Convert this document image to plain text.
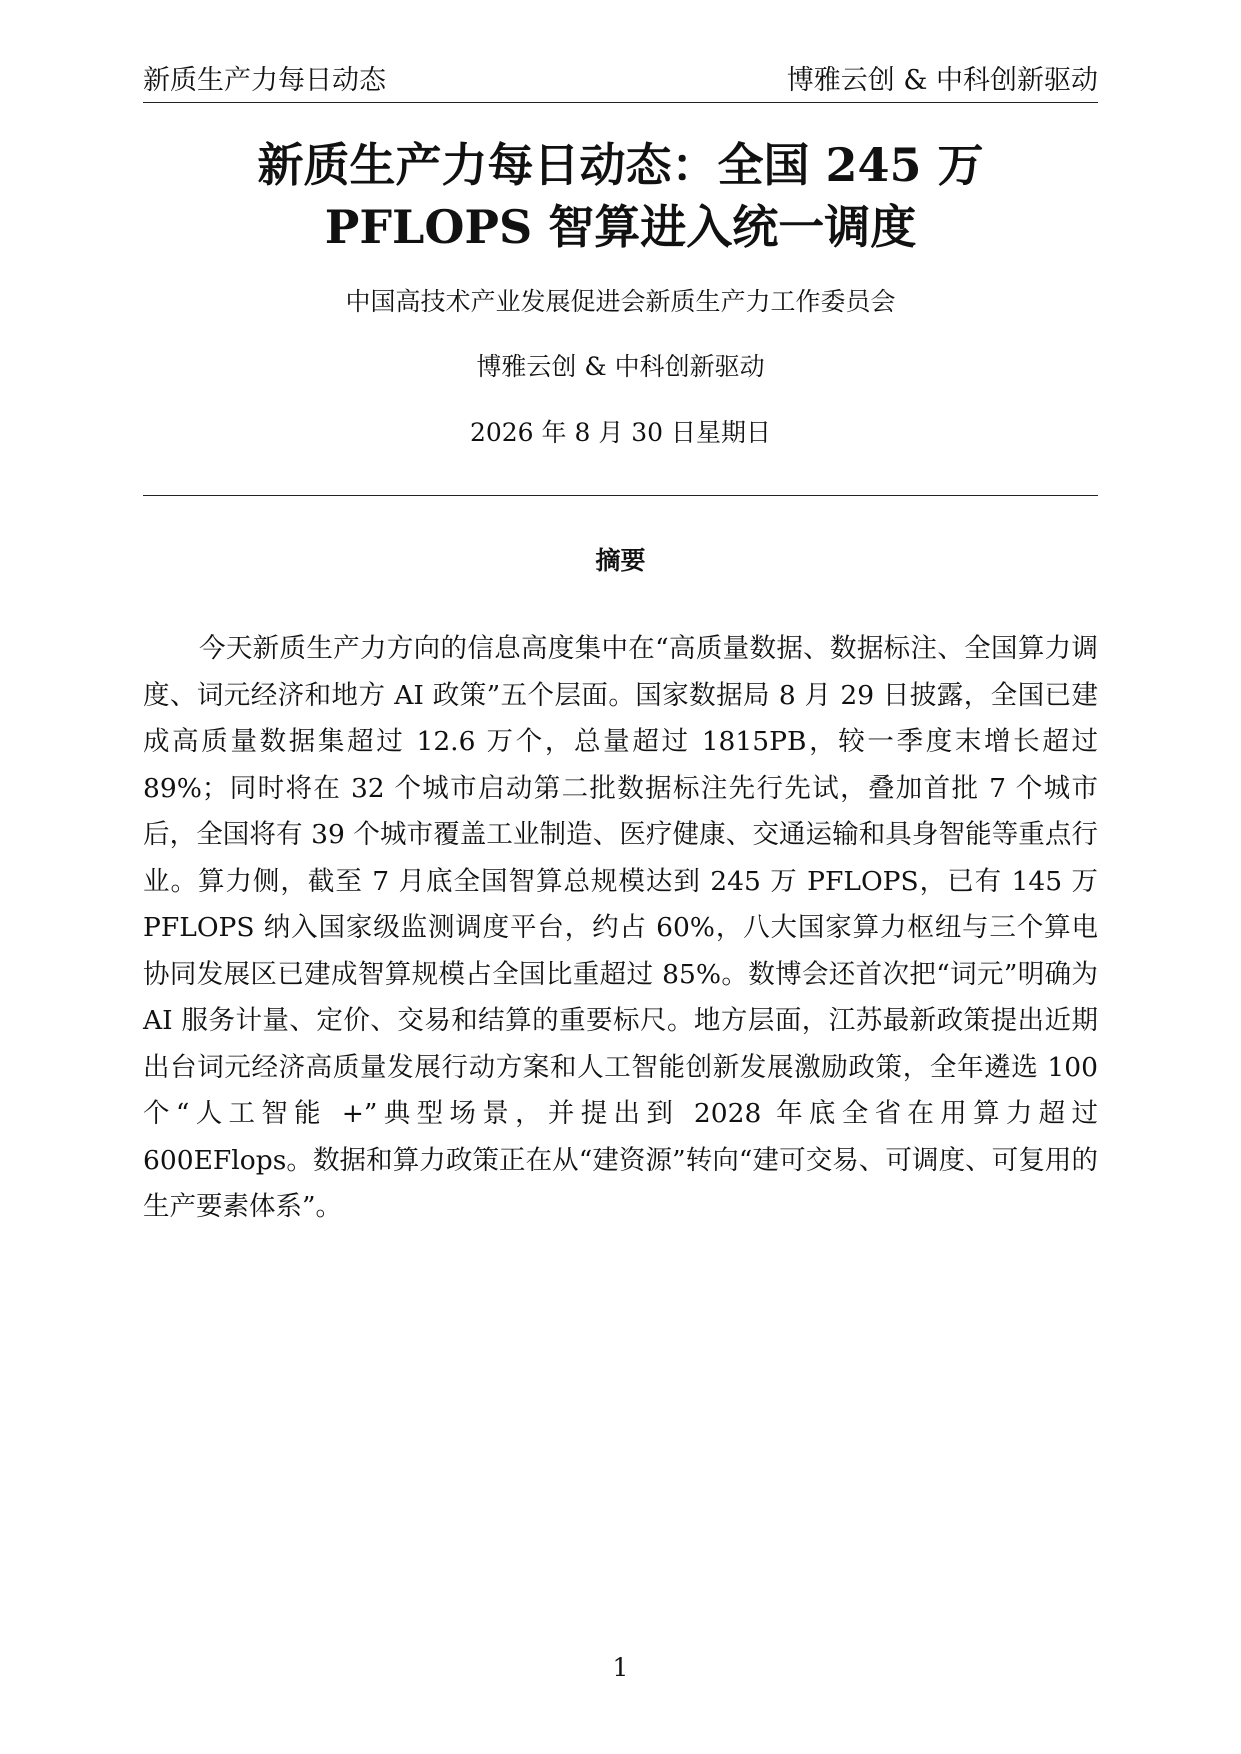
新质生产力每日动态	博雅云创 & 中科创新驱动
新质生产力每日动态：全国 245 万
PFLOPS 智算进入统一调度
中国高技术产业发展促进会新质生产力工作委员会
博雅云创 & 中科创新驱动
2026 年 8 月 30 日星期日
摘要

今天新质生产力方向的信息高度集中在“高质量数据、数据标注、全国算力调度、词元经济和地方 AI 政策”五个层面。国家数据局 8 月 29 日披露，全国已建成高质量数据集超过 12.6 万个，总量超过 1815PB，较一季度末增长超过 89%；同时将在 32 个城市启动第二批数据标注先行先试，叠加首批 7 个城市后，全国将有 39 个城市覆盖工业制造、医疗健康、交通运输和具身智能等重点行业。算力侧，截至 7 月底全国智算总规模达到 245 万 PFLOPS，已有 145 万 PFLOPS 纳入国家级监测调度平台，约占 60%，八大国家算力枢纽与三个算电协同发展区已建成智算规模占全国比重超过 85%。数博会还首次把“词元”明确为 AI 服务计量、定价、交易和结算的重要标尺。地方层面，江苏最新政策提出近期出台词元经济高质量发展行动方案和人工智能创新发展激励政策，全年遴选 100 个“人工智能 +”典型场景，并提出到 2028 年底全省在用算力超过 600EFlops。数据和算力政策正在从“建资源”转向“建可交易、可调度、可复用的生产要素体系”。

1
